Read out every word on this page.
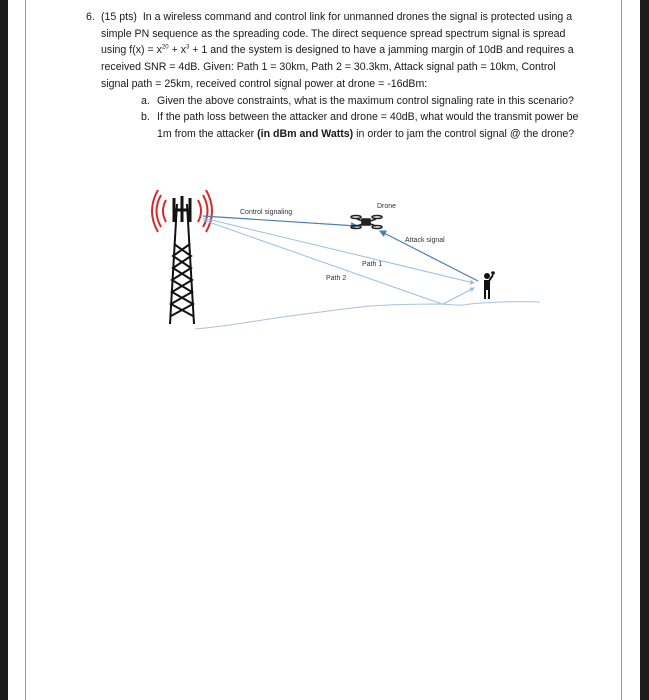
6. (15 pts) In a wireless command and control link for unmanned drones the signal is protected using a simple PN sequence as the spreading code. The direct sequence spread spectrum signal is spread using $f(x) = x^{20} + x^3 + 1$ and the system is designed to have a jamming margin of 10dB and requires a received SNR = 4dB. Given: Path 1 = 30km, Path 2 = 30.3km, Attack signal path = 10km, Control signal path = 25km, received control signal power at drone = -16dBm:
a. Given the above constraints, what is the maximum control signaling rate in this scenario?
b. If the path loss between the attacker and drone = 40dB, what would the transmit power be 1m from the attacker (in dBm and Watts) in order to jam the control signal @ the drone?
Control signaling
Drone
Attack signal
Path 1
Path 2
